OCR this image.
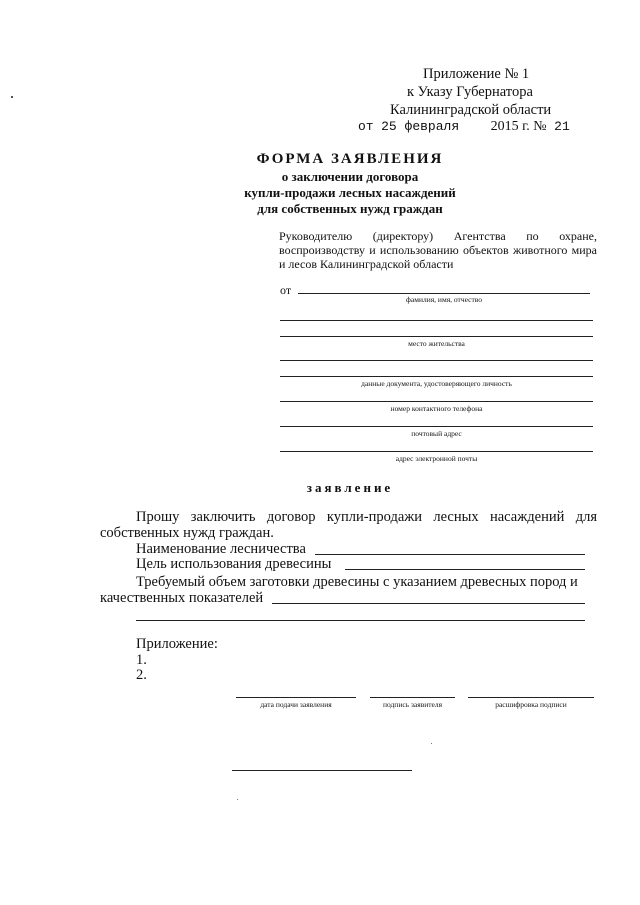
Приложение № 1
к Указу Губернатора
Калининградской области
от 25 февраля 2015 г. № 21
ФОРМА ЗАЯВЛЕНИЯ
о заключении договора
купли-продажи лесных насаждений
для собственных нужд граждан
Руководителю (директору) Агентства по охране, воспроизводству и использованию объектов животного мира и лесов Калининградской области
от
фамилия, имя, отчество
место жительства
данные документа, удостоверяющего личность
номер контактного телефона
почтовый адрес
адрес электронной почты
заявление
Прошу заключить договор купли-продажи лесных насаждений для собственных нужд граждан.
Наименование лесничества
Цель использования древесины
Требуемый объем заготовки древесины с указанием древесных пород и
качественных показателей
Приложение:
1.
2.
дата подачи заявления	подпись заявителя	расшифровка подписи
